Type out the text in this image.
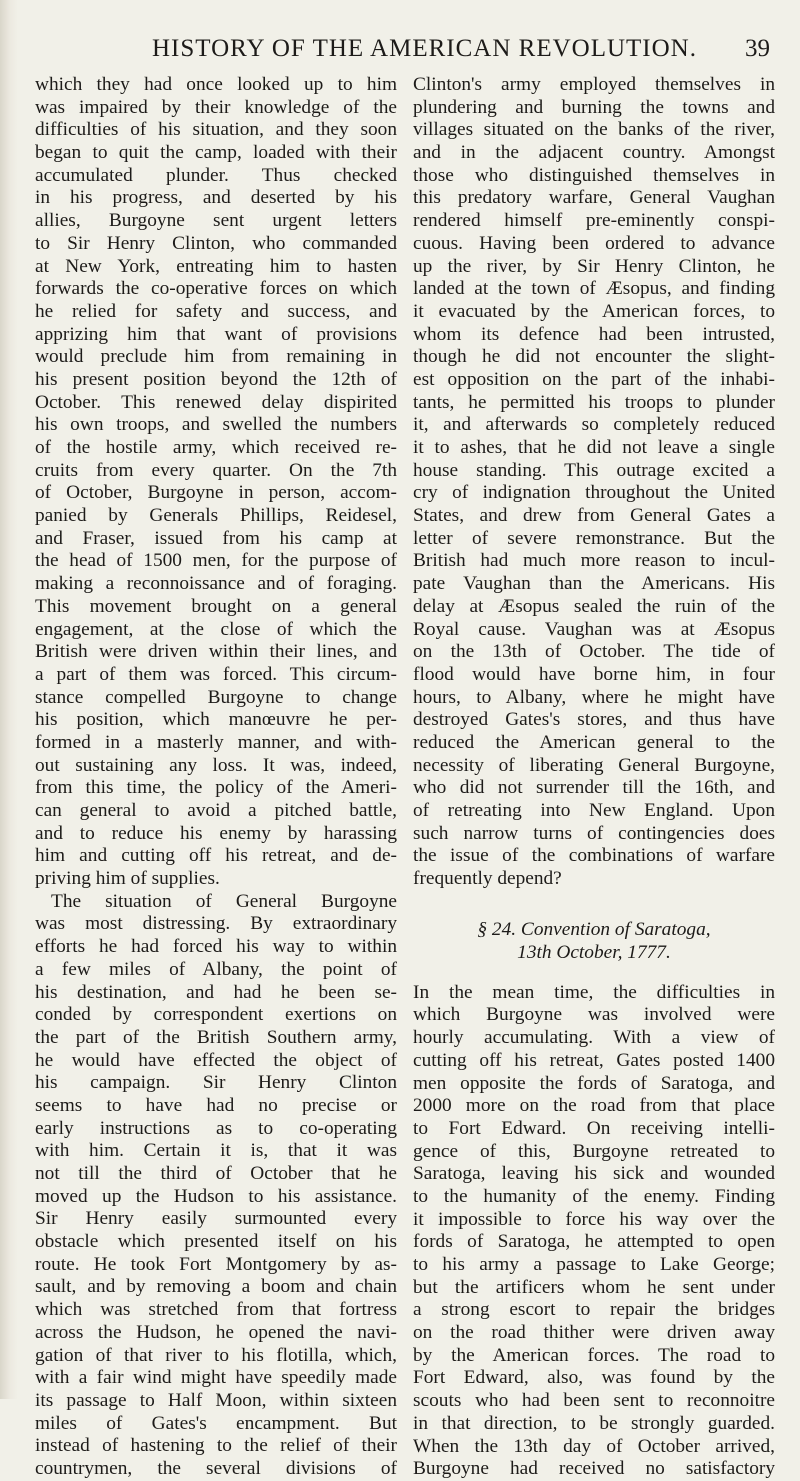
HISTORY OF THE AMERICAN REVOLUTION. 39
which they had once looked up to him
was impaired by their knowledge of the
difficulties of his situation, and they soon
began to quit the camp, loaded with their
accumulated plunder. Thus checked
in his progress, and deserted by his
allies, Burgoyne sent urgent letters
to Sir Henry Clinton, who commanded
at New York, entreating him to hasten
forwards the co-operative forces on which
he relied for safety and success, and
apprizing him that want of provisions
would preclude him from remaining in
his present position beyond the 12th of
October. This renewed delay dispirited
his own troops, and swelled the numbers
of the hostile army, which received re-
cruits from every quarter. On the 7th
of October, Burgoyne in person, accom-
panied by Generals Phillips, Reidesel,
and Fraser, issued from his camp at
the head of 1500 men, for the purpose of
making a reconnoissance and of foraging.
This movement brought on a general
engagement, at the close of which the
British were driven within their lines, and
a part of them was forced. This circum-
stance compelled Burgoyne to change
his position, which manœuvre he per-
formed in a masterly manner, and with-
out sustaining any loss. It was, indeed,
from this time, the policy of the Ameri-
can general to avoid a pitched battle,
and to reduce his enemy by harassing
him and cutting off his retreat, and de-
priving him of supplies.
The situation of General Burgoyne
was most distressing. By extraordinary
efforts he had forced his way to within
a few miles of Albany, the point of
his destination, and had he been se-
conded by correspondent exertions on
the part of the British Southern army,
he would have effected the object of
his campaign. Sir Henry Clinton
seems to have had no precise or
early instructions as to co-operating
with him. Certain it is, that it was
not till the third of October that he
moved up the Hudson to his assistance.
Sir Henry easily surmounted every
obstacle which presented itself on his
route. He took Fort Montgomery by as-
sault, and by removing a boom and chain
which was stretched from that fortress
across the Hudson, he opened the navi-
gation of that river to his flotilla, which,
with a fair wind might have speedily made
its passage to Half Moon, within sixteen
miles of Gates's encampment. But
instead of hastening to the relief of their
countrymen, the several divisions of
Clinton's army employed themselves in
plundering and burning the towns and
villages situated on the banks of the river,
and in the adjacent country. Amongst
those who distinguished themselves in
this predatory warfare, General Vaughan
rendered himself pre-eminently conspi-
cuous. Having been ordered to advance
up the river, by Sir Henry Clinton, he
landed at the town of Æsopus, and finding
it evacuated by the American forces, to
whom its defence had been intrusted,
though he did not encounter the slight-
est opposition on the part of the inhabi-
tants, he permitted his troops to plunder
it, and afterwards so completely reduced
it to ashes, that he did not leave a single
house standing. This outrage excited a
cry of indignation throughout the United
States, and drew from General Gates a
letter of severe remonstrance. But the
British had much more reason to incul-
pate Vaughan than the Americans. His
delay at Æsopus sealed the ruin of the
Royal cause. Vaughan was at Æsopus
on the 13th of October. The tide of
flood would have borne him, in four
hours, to Albany, where he might have
destroyed Gates's stores, and thus have
reduced the American general to the
necessity of liberating General Burgoyne,
who did not surrender till the 16th, and
of retreating into New England. Upon
such narrow turns of contingencies does
the issue of the combinations of warfare
frequently depend?
§ 24. Convention of Saratoga,
13th October, 1777.
In the mean time, the difficulties in
which Burgoyne was involved were
hourly accumulating. With a view of
cutting off his retreat, Gates posted 1400
men opposite the fords of Saratoga, and
2000 more on the road from that place
to Fort Edward. On receiving intelli-
gence of this, Burgoyne retreated to
Saratoga, leaving his sick and wounded
to the humanity of the enemy. Finding
it impossible to force his way over the
fords of Saratoga, he attempted to open
to his army a passage to Lake George;
but the artificers whom he sent under
a strong escort to repair the bridges
on the road thither were driven away
by the American forces. The road to
Fort Edward, also, was found by the
scouts who had been sent to reconnoitre
in that direction, to be strongly guarded.
When the 13th day of October arrived,
Burgoyne had received no satisfactory
